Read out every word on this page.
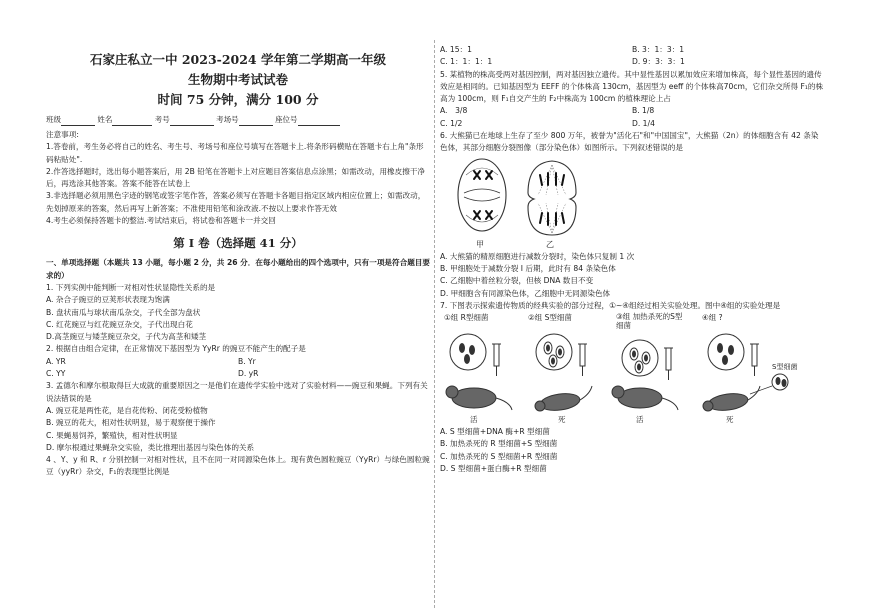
石家庄私立一中 2023-2024 学年第二学期高一年级
生物期中考试试卷
时间 75 分钟，满分 100 分
班级	姓名	考号	考场号	座位号
注意事项:
1.答卷前，考生务必将自己的姓名、考生号、考场号和座位号填写在答题卡上.将条形码横贴在答题卡右上角"条形码粘贴处".
2.作答选择题时，选出每小题答案后，用 2B 铅笔在答题卡上对应题目答案信息点涂黑；如需改动，用橡皮擦干净后，再选涂其他答案。答案不能答在试卷上
3.非选择题必须用黑色字迹的钢笔或签字笔作答，答案必须写在答题卡各题目指定区域内相应位置上；如需改动，先划掉原来的答案，然后再写上新答案；不准使用铅笔和涂改液.不按以上要求作答无效
4.考生必须保持答题卡的整洁.考试结束后，将试卷和答题卡一并交回
第 I 卷（选择题 41 分）
一、单项选择题（本题共 13 小题，每小题 2 分，共 26 分．在每小题给出的四个选项中，只有一项是符合题目要求的）
1. 下列实例中能判断一对相对性状显隐性关系的是
A. 杂合子豌豆的豆荚形状表现为饱满
B. 盘状南瓜与球状南瓜杂交，子代全部为盘状
C. 红花豌豆与红花豌豆杂交，子代出现白花
D.高茎豌豆与矮茎豌豆杂交，子代为高茎和矮茎
2. 根据自由组合定律，在正常情况下基因型为 YyRr 的豌豆不能产生的配子是
A. YR	B. Yr
C. YY	D. yR
3. 孟德尔和摩尔根取得巨大成就的重要原因之一是他们在遗传学实验中选对了实验材料——豌豆和果蝇。下列有关说法错误的是
A. 豌豆花是两性花，是自花传粉、闭花受粉植物
B. 豌豆的花大，相对性状明显，易于观察便于操作
C. 果蝇易饲养，繁殖快，相对性状明显
D. 摩尔根通过果蝇杂交实验，类比推理出基因与染色体的关系
4 、Y、y 和 R、r 分别控制一对相对性状，且不在同一对同源染色体上。现有黄色圆粒豌豆（YyRr）与绿色圆粒豌豆（yyRr）杂交，F₁的表现型比例是
A. 15：1	B. 3：1：3：1
C. 1：1：1：1	D. 9：3：3：1
5. 某植物的株高受两对基因控制，两对基因独立遗传。其中显性基因以累加效应来增加株高，每个显性基因的遗传效应是相同的。已知基因型为 EEFF 的个体株高 130cm，基因型为 eeff 的个体株高70cm，它们杂交所得 F₁的株高为 100cm，则 F₁自交产生的 F₂中株高为 100cm 的植株理论上占
A.　3/8	B. 1/8
C. 1/2	D. 1/4
6. 大熊猫已在地球上生存了至少 800 万年，被誉为"活化石"和"中国国宝"，大熊猫（2n）的体细胞含有 42 条染色体，其部分细胞分裂图像（部分染色体）如图所示。下列叙述错误的是
甲	乙
A. 大熊猫的精原细胞进行减数分裂时，染色体只复制 1 次
B. 甲细胞处于减数分裂 I 后期，此时有 84 条染色体
C. 乙细胞中着丝粒分裂，但核 DNA 数目不变
D. 甲细胞含有同源染色体，乙细胞中无同源染色体
7. 下图表示探索遗传物质的经典实验的部分过程，①~④组经过相关实验处理。图中④组的实验处理是
①组 R型细菌	②组 S型细菌	③组 加热杀死的S型细菌
④组 ?
S型细菌
活	死	活	死
A. S 型细菌+DNA 酶+R 型细菌
B. 加热杀死的 R 型细菌+S 型细菌
C. 加热杀死的 S 型细菌+R 型细菌
D. S 型细菌+蛋白酶+R 型细菌
